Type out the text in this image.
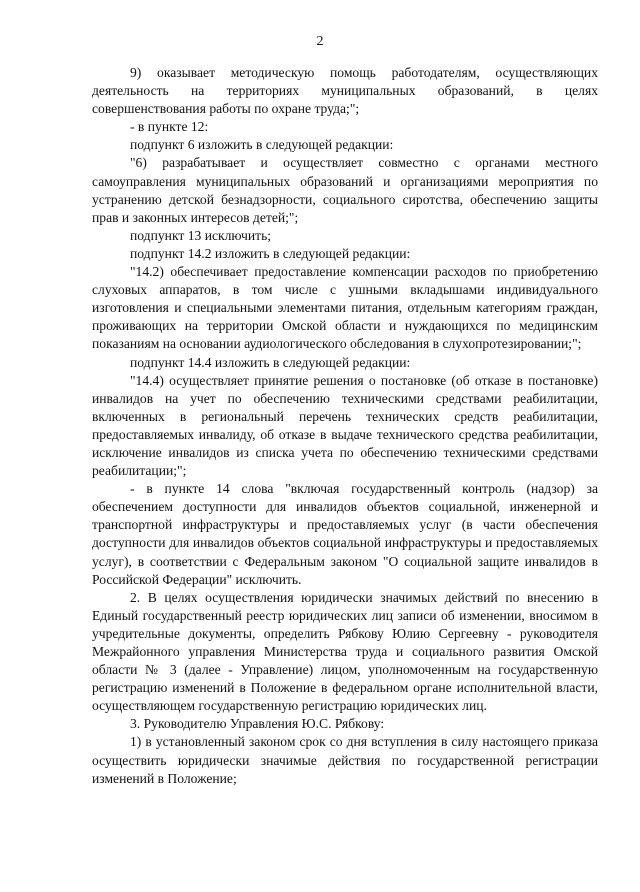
2

9) оказывает методическую помощь работодателям, осуществляющих деятельность на территориях муниципальных образований, в целях совершенствования работы по охране труда;";

- в пункте 12:

подпункт 6 изложить в следующей редакции:

"6) разрабатывает и осуществляет совместно с органами местного самоуправления муниципальных образований и организациями мероприятия по устранению детской безнадзорности, социального сиротства, обеспечению защиты прав и законных интересов детей;";

подпункт 13 исключить;

подпункт 14.2 изложить в следующей редакции:

"14.2) обеспечивает предоставление компенсации расходов по приобретению слуховых аппаратов, в том числе с ушными вкладышами индивидуального изготовления и специальными элементами питания, отдельным категориям граждан, проживающих на территории Омской области и нуждающихся по медицинским показаниям на основании аудиологического обследования в слухопротезировании;";

подпункт 14.4 изложить в следующей редакции:

"14.4) осуществляет принятие решения о постановке (об отказе в постановке) инвалидов на учет по обеспечению техническими средствами реабилитации, включенных в региональный перечень технических средств реабилитации, предоставляемых инвалиду, об отказе в выдаче технического средства реабилитации, исключение инвалидов из списка учета по обеспечению техническими средствами реабилитации;";

- в пункте 14 слова "включая государственный контроль (надзор) за обеспечением доступности для инвалидов объектов социальной, инженерной и транспортной инфраструктуры и предоставляемых услуг (в части обеспечения доступности для инвалидов объектов социальной инфраструктуры и предоставляемых услуг), в соответствии с Федеральным законом "О социальной защите инвалидов в Российской Федерации" исключить.

2. В целях осуществления юридически значимых действий по внесению в Единый государственный реестр юридических лиц записи об изменении, вносимом в учредительные документы, определить Рябкову Юлию Сергеевну - руководителя Межрайонного управления Министерства труда и социального развития Омской области № 3 (далее - Управление) лицом, уполномоченным на государственную регистрацию изменений в Положение в федеральном органе исполнительной власти, осуществляющем государственную регистрацию юридических лиц.

3. Руководителю Управления Ю.С. Рябкову:

1) в установленный законом срок со дня вступления в силу настоящего приказа осуществить юридически значимые действия по государственной регистрации изменений в Положение;
